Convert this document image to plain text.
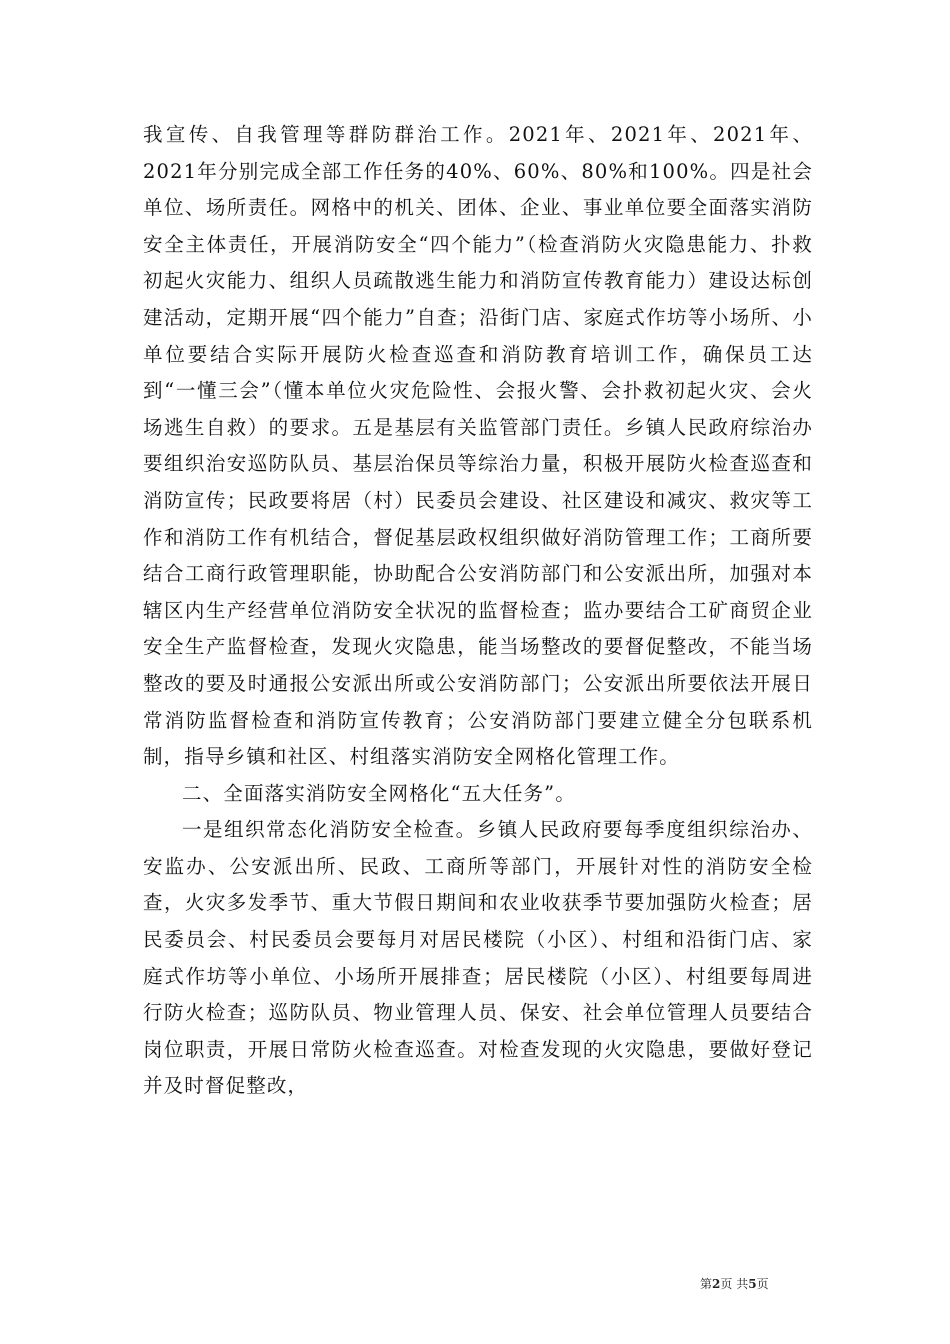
我宣传、自我管理等群防群治工作。2021年、2021年、2021年、2021年分别完成全部工作任务的40%、60%、80%和100%。四是社会单位、场所责任。网格中的机关、团体、企业、事业单位要全面落实消防安全主体责任，开展消防安全“四个能力”（检查消防火灾隐患能力、扑救初起火灾能力、组织人员疏散逃生能力和消防宣传教育能力）建设达标创建活动，定期开展“四个能力”自查；沿街门店、家庭式作坊等小场所、小单位要结合实际开展防火检查巡查和消防教育培训工作，确保员工达到“一懂三会”（懂本单位火灾危险性、会报火警、会扑救初起火灾、会火场逃生自救）的要求。五是基层有关监管部门责任。乡镇人民政府综治办要组织治安巡防队员、基层治保员等综治力量，积极开展防火检查巡查和消防宣传；民政要将居（村）民委员会建设、社区建设和减灾、救灾等工作和消防工作有机结合，督促基层政权组织做好消防管理工作；工商所要结合工商行政管理职能，协助配合公安消防部门和公安派出所，加强对本辖区内生产经营单位消防安全状况的监督检查；监办要结合工矿商贸企业安全生产监督检查，发现火灾隐患，能当场整改的要督促整改，不能当场整改的要及时通报公安派出所或公安消防部门；公安派出所要依法开展日常消防监督检查和消防宣传教育；公安消防部门要建立健全分包联系机制，指导乡镇和社区、村组落实消防安全网格化管理工作。

二、全面落实消防安全网格化“五大任务”。

一是组织常态化消防安全检查。乡镇人民政府要每季度组织综治办、安监办、公安派出所、民政、工商所等部门，开展针对性的消防安全检查，火灾多发季节、重大节假日期间和农业收获季节要加强防火检查；居民委员会、村民委员会要每月对居民楼院（小区）、村组和沿街门店、家庭式作坊等小单位、小场所开展排查；居民楼院（小区）、村组要每周进行防火检查；巡防队员、物业管理人员、保安、社会单位管理人员要结合岗位职责，开展日常防火检查巡查。对检查发现的火灾隐患，要做好登记并及时督促整改，

第2页 共5页
